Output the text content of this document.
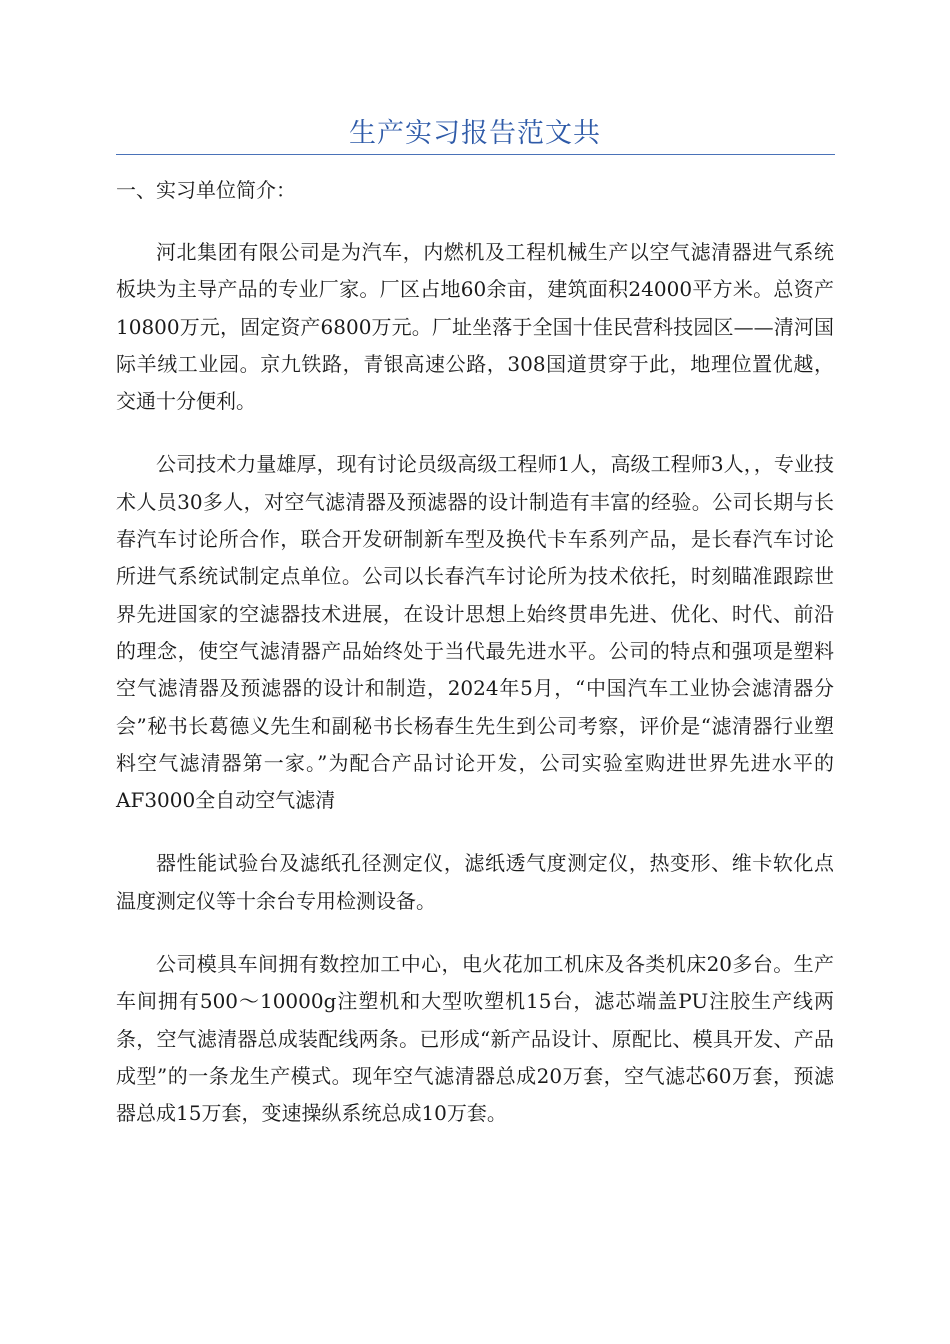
生产实习报告范文共
一、实习单位简介：

河北集团有限公司是为汽车，内燃机及工程机械生产以空气滤清器进气系统板块为主导产品的专业厂家。厂区占地60余亩，建筑面积24000平方米。总资产10800万元，固定资产6800万元。厂址坐落于全国十佳民营科技园区——清河国际羊绒工业园。京九铁路，青银高速公路，308国道贯穿于此，地理位置优越，交通十分便利。

公司技术力量雄厚，现有讨论员级高级工程师1人，高级工程师3人，，专业技术人员30多人，对空气滤清器及预滤器的设计制造有丰富的经验。公司长期与长春汽车讨论所合作，联合开发研制新车型及换代卡车系列产品，是长春汽车讨论所进气系统试制定点单位。公司以长春汽车讨论所为技术依托，时刻瞄准跟踪世界先进国家的空滤器技术进展，在设计思想上始终贯串先进、优化、时代、前沿的理念，使空气滤清器产品始终处于当代最先进水平。公司的特点和强项是塑料空气滤清器及预滤器的设计和制造，2024年5月，“中国汽车工业协会滤清器分会”秘书长葛德义先生和副秘书长杨春生先生到公司考察，评价是“滤清器行业塑料空气滤清器第一家。”为配合产品讨论开发，公司实验室购进世界先进水平的AF3000全自动空气滤清

器性能试验台及滤纸孔径测定仪，滤纸透气度测定仪，热变形、维卡软化点温度测定仪等十余台专用检测设备。

公司模具车间拥有数控加工中心，电火花加工机床及各类机床20多台。生产车间拥有500～10000g注塑机和大型吹塑机15台，滤芯端盖PU注胶生产线两条，空气滤清器总成装配线两条。已形成“新产品设计、原配比、模具开发、产品成型”的一条龙生产模式。现年空气滤清器总成20万套，空气滤芯60万套，预滤器总成15万套，变速操纵系统总成10万套。
